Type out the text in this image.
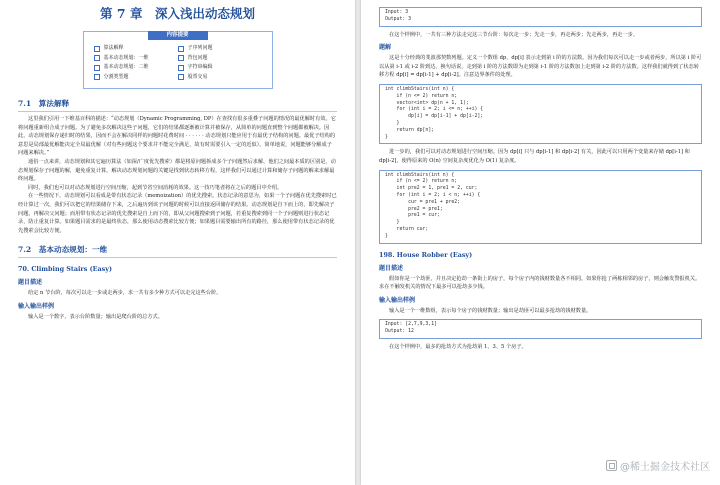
第 7 章　深入浅出动态规划
内容提要
算法解释
基本动态规划：一维
基本动态规划：二维
分割类型题
子序列问题
背包问题
字符串编辑
股票交易
7.1　算法解释

这里我们引用一下维基百科的描述：“动态规划（Dynamic Programming, DP）在查找有很多重叠子问题的情况的最优解时有效。它将问题重新组合成子问题。为了避免多次解决这些子问题，它们的结果都逐渐被计算并被保存，从简单的问题直到整个问题都被解决。因此，动态规划保存递归时的结果，因而不会在解决同样的问题时花费时间 · · · · · · 动态规划只能应用于有最优子结构的问题。最优子结构的意思是局部最优解能决定全局最优解（对有些问题这个要求并不能完全满足，故有时需要引入一定的近似）。简单地说，问题能够分解成子问题来解决。”

通俗一点来讲，动态规划和其它遍历算法（如深/广度优先搜索）都是将原问题拆成多个子问题然后求解，他们之间最本质的区别是，动态规划保存子问题的解，避免重复计算。解决动态规划问题的关键是找到状态转移方程，这样我们可以通过计算和储存子问题的解来求解最终问题。

同时，我们也可以对动态规划进行空间压缩，起到节省空间消耗的效果。这一技巧笔者将在之后的题目中介绍。

在一些情况下，动态规划可以看成是带有状态记录（memoization）的优先搜索。状态记录的意思为，如果一个子问题在优先搜索时已经计算过一次，我们可以把它的结果储存下来，之后遍历到该子问题的时候可以直接返回储存的结果。动态规划是自下而上的，即先解决子问题，再解决父问题；而用带有状态记录的优先搜索是自上而下的，即从父问题搜索到子问题，若重复搜索到同一个子问题则进行状态记录，防止重复计算。如果题目需求的是最终状态，那么使用动态搜索比较方便；如果题目需要输出所有的路径，那么使用带有状态记录的优先搜索会比较方便。

7.2　基本动态规划：一维
70. Climbing Stairs (Easy)
题目描述

给定 n 节台阶，每次可以走一步或走两步，求一共有多少种方式可以走完这些台阶。

输入输出样例

输入是一个数字，表示台阶数量；输出是爬台阶的总方式。

Input: 3
Output: 3

在这个样例中，一共有三种方法走完这三节台阶：每次走一步；先走一步，再走两步；先走两步，再走一步。

题解

这是十分经典的斐波那契数列题。定义一个数组 dp，dp[i] 表示走到第 i 阶的方法数。因为我们每次可以走一步或者两步，所以第 i 阶可以从第 i-1 或 i-2 阶到达。换句话说，走到第 i 阶的方法数即为走到第 i-1 阶的方法数加上走到第 i-2 阶的方法数。这样我们就得到了状态转移方程 dp[i] = dp[i-1] + dp[i-2]。注意边界条件的处理。

int climbStairs(int n) {
if (n <= 2) return n;
vector<int> dp(n + 1, 1);
for (int i = 2; i <= n; ++i) {
dp[i] = dp[i-1] + dp[i-2];
}
return dp[n];
}

进一步的，我们可以对动态规划进行空间压缩。因为 dp[i] 只与 dp[i-1] 和 dp[i-2] 有关，因此可以只用两个变量来存储 dp[i-1] 和 dp[i-2]，使得原来的 O(n) 空间复杂度优化为 O(1) 复杂度。

int climbStairs(int n) {
if (n <= 2) return n;
int pre2 = 1, pre1 = 2, cur;
for (int i = 2; i < n; ++i) {
cur = pre1 + pre2;
pre2 = pre1;
pre1 = cur;
}
return cur;
}
198. House Robber (Easy)
题目描述

假如你是一个劫匪，并且决定抢劫一条街上的房子，每个房子内的钱财数量各不相同。如果你抢了两栋相邻的房子，则会触发警报机关。求在不触发机关的情况下最多可以抢劫多少钱。

输入输出样例

输入是一个一维数组，表示每个房子的钱财数量；输出是劫匪可以最多抢劫的钱财数量。

Input: [2,7,9,3,1]
Output: 12

在这个样例中，最多的抢劫方式为抢劫第 1、3、5 个房子。

@稀土掘金技术社区
